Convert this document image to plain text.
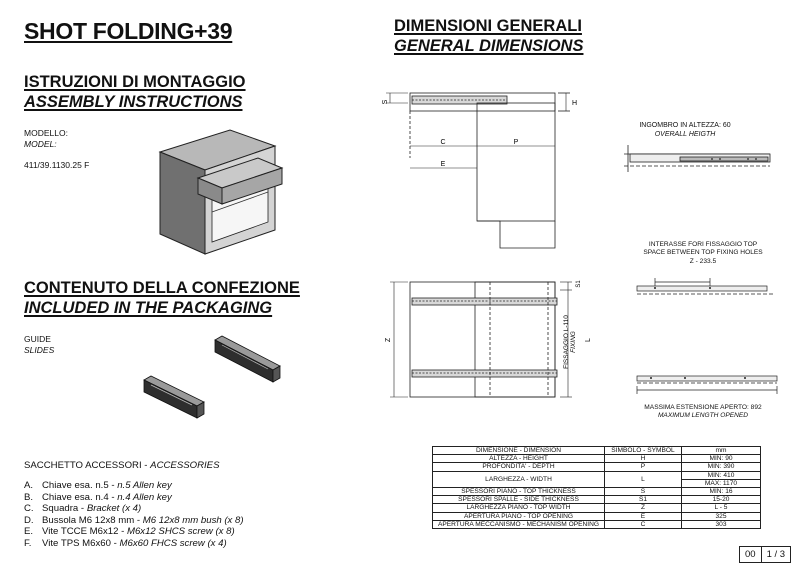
SHOT FOLDING+39
ISTRUZIONI DI MONTAGGIO
ASSEMBLY INSTRUCTIONS
MODELLO:
MODEL:
411/39.1130.25 F
CONTENUTO DELLA CONFEZIONE
INCLUDED IN THE PACKAGING
GUIDE
SLIDES
SACCHETTO ACCESSORI - ACCESSORIES
A. Chiave esa. n.5 -
n.5 Allen key
B. Chiave esa. n.4 -
n.4 Allen key
C. Squadra -
Bracket (x 4)
D. Bussola M6 12x8 mm -
M6 12x8 mm bush (x 8)
E. Vite TCCE M6x12 -
M6x12 SHCS screw (x 8)
F.	Vite TPS M6x60 -
M6x60 FHCS screw (x 4)
DIMENSIONI GENERALI
GENERAL DIMENSIONS
S	H
C	P
E
INGOMBRO IN ALTEZZA: 60
OVERALL HEIGTH
Z	L
S1
FISSAGGIO L-110 FIXING
INTERASSE FORI FISSAGGIO TOP
SPACE BETWEEN TOP FIXING HOLES
Z - 233.5
MASSIMA ESTENSIONE APERTO: 892
MAXIMUM LENGTH OPENED
DIMENSIONE - DIMENSION	SIMBOLO - SYMBOL	mm
ALTEZZA - HEIGHT	H	MIN: 90
PROFONDITA' - DEPTH	P	MIN: 390
LARGHEZZA - WIDTH	L	MIN: 410
		MAX: 1170
SPESSORI PIANO - TOP THICKNESS	S	MIN: 16
SPESSORI SPALLE - SIDE THICKNESS	S1	15-20
LARGHEZZA PIANO - TOP WIDTH	Z	L - 5
APERTURA PIANO - TOP OPENING	E	325
APERTURA MECCANISMO - MECHANISM OPENING	C	303
00	1 / 3
